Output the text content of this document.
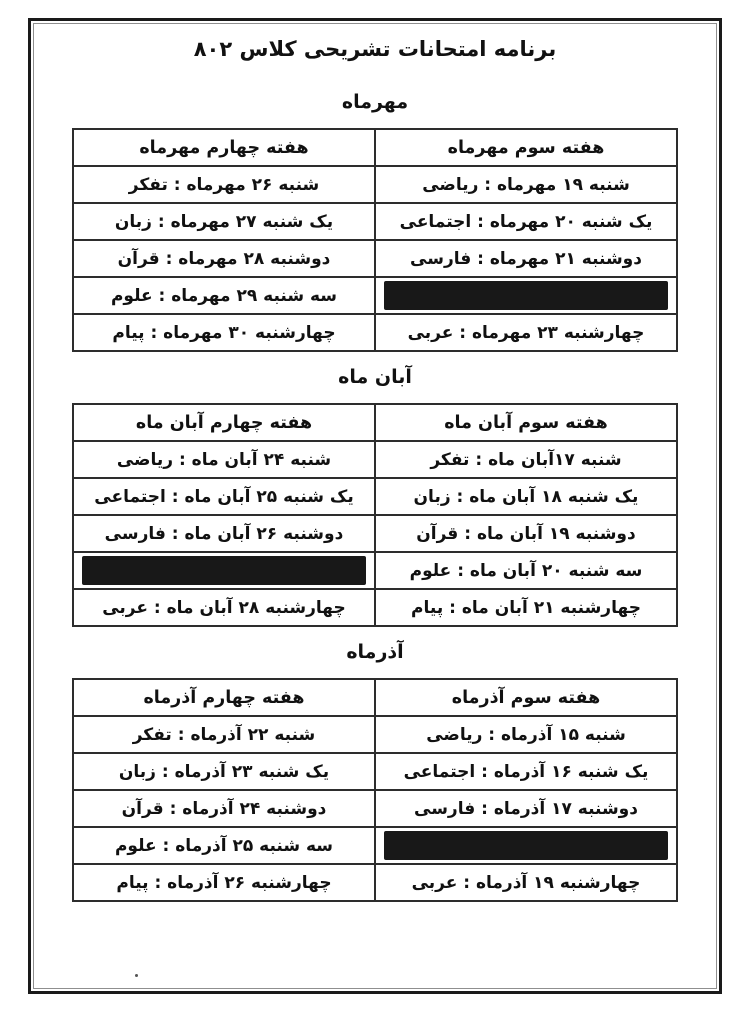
برنامه امتحانات تشریحی کلاس ۸۰۲
مهرماه
هفته سوم مهرماه	هفته چهارم مهرماه
شنبه ۱۹ مهرماه : ریاضی	شنبه ۲۶ مهرماه : تفکر
یک شنبه ۲۰ مهرماه : اجتماعی	یک شنبه ۲۷ مهرماه : زبان
دوشنبه ۲۱ مهرماه : فارسی	دوشنبه ۲۸ مهرماه : قرآن

	سه شنبه ۲۹ مهرماه : علوم
چهارشنبه ۲۳ مهرماه : عربی	چهارشنبه ۳۰ مهرماه : پیام
آبان ماه
هفته سوم آبان ماه	هفته چهارم آبان ماه
شنبه ۱۷آبان ماه : تفکر	شنبه ۲۴ آبان ماه : ریاضی
یک شنبه ۱۸ آبان ماه : زبان	یک شنبه ۲۵ آبان ماه : اجتماعی
دوشنبه ۱۹ آبان ماه : قرآن	دوشنبه ۲۶ آبان ماه : فارسی
سه شنبه ۲۰ آبان ماه : علوم	

چهارشنبه ۲۱ آبان ماه : پیام	چهارشنبه ۲۸ آبان ماه : عربی
آذرماه
هفته سوم آذرماه	هفته چهارم آذرماه
شنبه ۱۵ آذرماه : ریاضی	شنبه ۲۲ آذرماه : تفکر
یک شنبه ۱۶ آذرماه : اجتماعی	یک شنبه ۲۳ آذرماه : زبان
دوشنبه ۱۷ آذرماه : فارسی	دوشنبه ۲۴ آذرماه : قرآن

	سه شنبه ۲۵ آذرماه : علوم
چهارشنبه ۱۹ آذرماه : عربی	چهارشنبه ۲۶ آذرماه : پیام
